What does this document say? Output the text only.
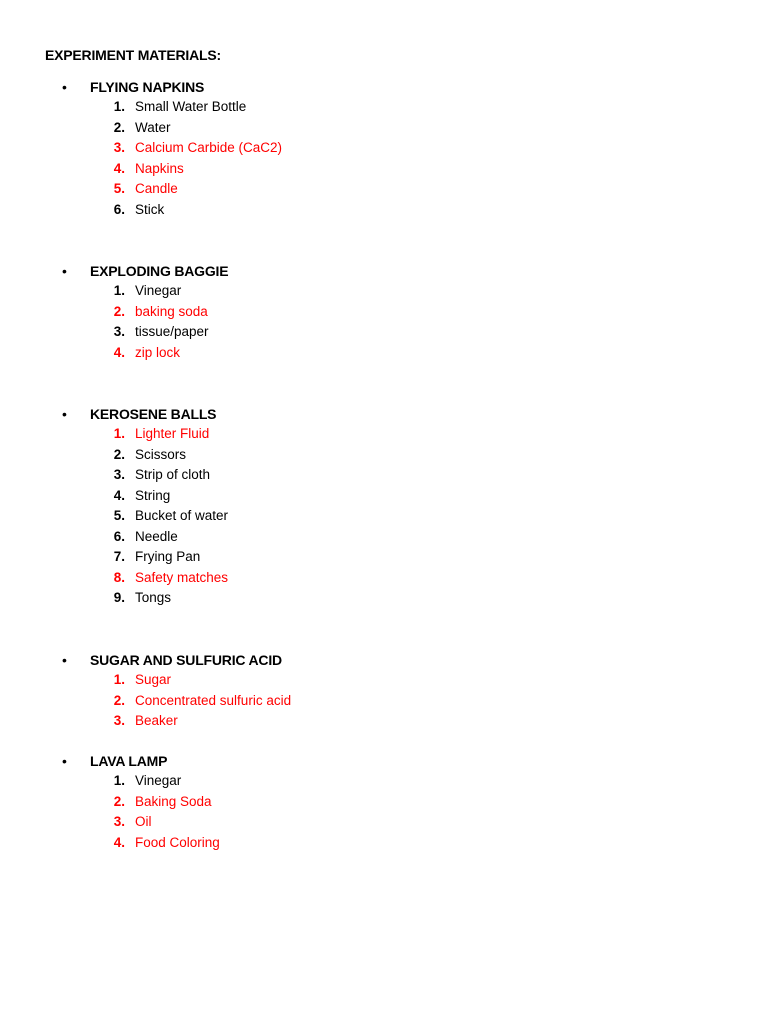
EXPERIMENT MATERIALS:
• FLYING NAPKINS
1. Small Water Bottle
2. Water
3. Calcium Carbide (CaC2)
4. Napkins
5. Candle
6. Stick
• EXPLODING BAGGIE
1. Vinegar
2. baking soda
3. tissue/paper
4. zip lock
• KEROSENE BALLS
1. Lighter Fluid
2. Scissors
3. Strip of cloth
4. String
5. Bucket of water
6. Needle
7. Frying Pan
8. Safety matches
9. Tongs
• SUGAR AND SULFURIC ACID
1. Sugar
2. Concentrated sulfuric acid
3. Beaker
• LAVA LAMP
1. Vinegar
2. Baking Soda
3. Oil
4. Food Coloring
